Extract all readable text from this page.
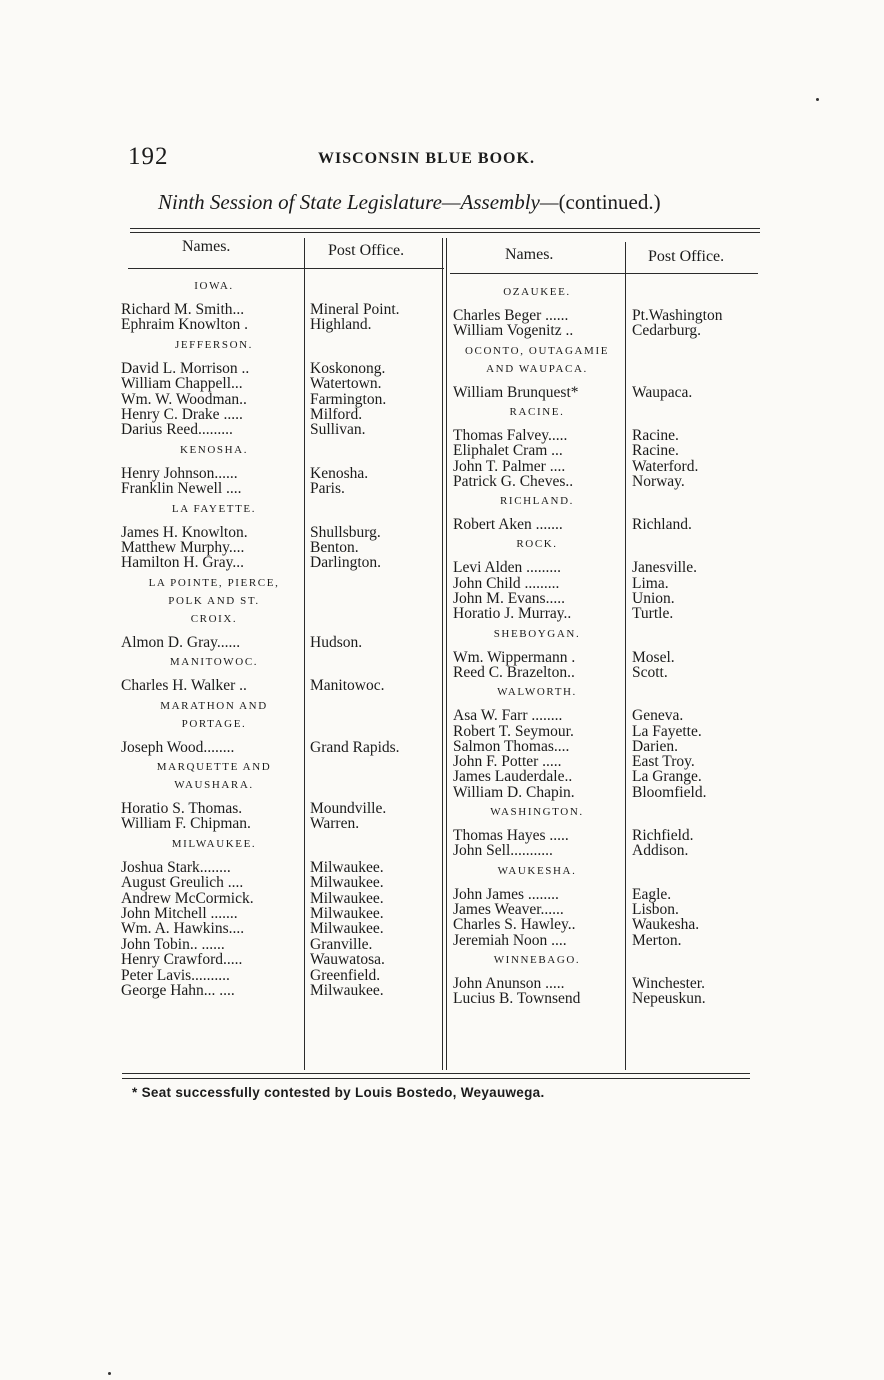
192	WISCONSIN BLUE BOOK.
Ninth Session of State Legislature—Assembly—(continued.)
Names.	Post Office.	Names.	Post Office.
IOWA.
Richard M. Smith...	Mineral Point.
Ephraim Knowlton .	Highland.
JEFFERSON.
David L. Morrison ..	Koskonong.
William Chappell...	Watertown.
Wm. W. Woodman..	Farmington.
Henry C. Drake .....	Milford.
Darius Reed.........	Sullivan.
KENOSHA.
Henry Johnson......	Kenosha.
Franklin Newell ....	Paris.
LA FAYETTE.
James H. Knowlton.	Shullsburg.
Matthew Murphy....	Benton.
Hamilton H. Gray...	Darlington.
LA POINTE, PIERCE,
POLK AND ST.
CROIX.
Almon D. Gray......	Hudson.
MANITOWOC.
Charles H. Walker ..	Manitowoc.
MARATHON AND
PORTAGE.
Joseph Wood........	Grand Rapids.
MARQUETTE AND
WAUSHARA.
Horatio S. Thomas.	Moundville.
William F. Chipman.	Warren.
MILWAUKEE.
Joshua Stark........	Milwaukee.
August Greulich ....	Milwaukee.
Andrew McCormick.	Milwaukee.
John Mitchell .......	Milwaukee.
Wm. A. Hawkins....	Milwaukee.
John Tobin.. ......	Granville.
Henry Crawford.....	Wauwatosa.
Peter Lavis..........	Greenfield.
George Hahn... ....	Milwaukee.
OZAUKEE.
Charles Beger ......	Pt.Washington
William Vogenitz ..	Cedarburg.
OCONTO, OUTAGAMIE
AND WAUPACA.
William Brunquest*	Waupaca.
RACINE.
Thomas Falvey.....	Racine.
Eliphalet Cram ...	Racine.
John T. Palmer ....	Waterford.
Patrick G. Cheves..	Norway.
RICHLAND.
Robert Aken .......	Richland.
ROCK.
Levi Alden .........	Janesville.
John Child .........	Lima.
John M. Evans.....	Union.
Horatio J. Murray..	Turtle.
SHEBOYGAN.
Wm. Wippermann .	Mosel.
Reed C. Brazelton..	Scott.
WALWORTH.
Asa W. Farr ........	Geneva.
Robert T. Seymour.	La Fayette.
Salmon Thomas....	Darien.
John F. Potter .....	East Troy.
James Lauderdale..	La Grange.
William D. Chapin.	Bloomfield.
WASHINGTON.
Thomas Hayes .....	Richfield.
John Sell...........	Addison.
WAUKESHA.
John James ........	Eagle.
James Weaver......	Lisbon.
Charles S. Hawley..	Waukesha.
Jeremiah Noon ....	Merton.
WINNEBAGO.
John Anunson .....	Winchester.
Lucius B. Townsend	Nepeuskun.
* Seat successfully contested by Louis Bostedo, Weyauwega.
